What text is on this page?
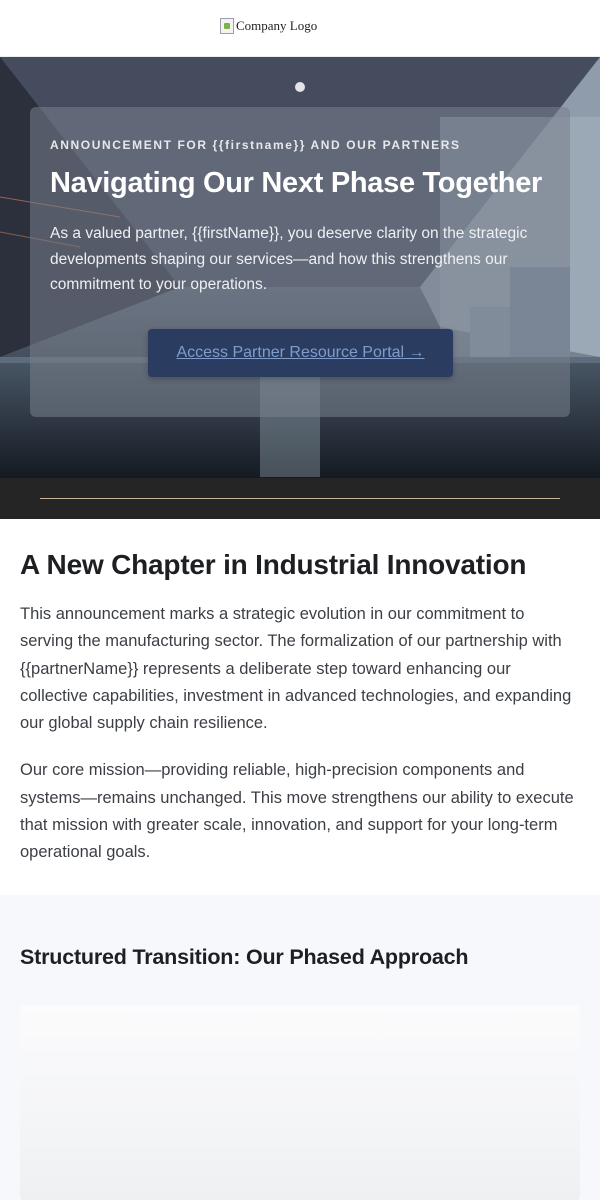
Company Logo
ANNOUNCEMENT FOR {{firstname}} AND OUR PARTNERS
Navigating Our Next Phase Together
As a valued partner, {{firstName}}, you deserve clarity on the strategic developments shaping our services—and how this strengthens our commitment to your operations.
Access Partner Resource Portal →
A New Chapter in Industrial Innovation

This announcement marks a strategic evolution in our commitment to serving the manufacturing sector. The formalization of our partnership with {{partnerName}} represents a deliberate step toward enhancing our collective capabilities, investment in advanced technologies, and expanding our global supply chain resilience.

Our core mission—providing reliable, high-precision components and systems—remains unchanged. This move strengthens our ability to execute that mission with greater scale, innovation, and support for your long-term operational goals.

Structured Transition: Our Phased Approach
